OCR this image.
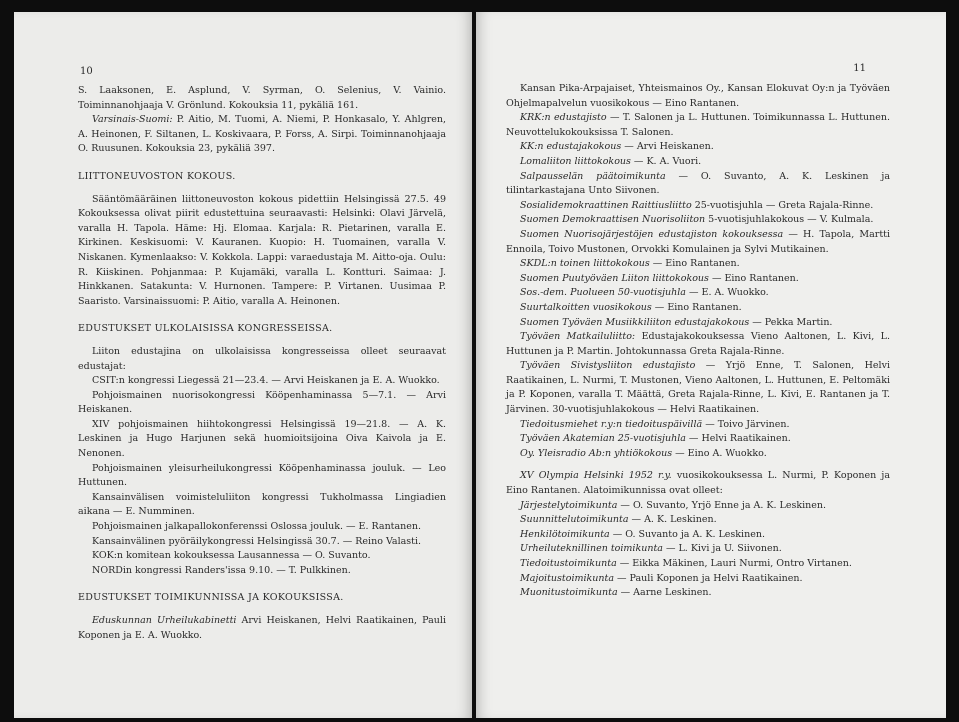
10

S. Laaksonen, E. Asplund, V. Syrman, O. Selenius, V. Vainio. Toiminnanohjaaja V. Grönlund. Kokouksia 11, pykäliä 161.

Varsinais-Suomi: P. Aitio, M. Tuomi, A. Niemi, P. Honkasalo, Y. Ahlgren, A. Heinonen, F. Siltanen, L. Koskivaara, P. Forss, A. Sirpi. Toiminnanohjaaja O. Ruusunen. Kokouksia 23, pykäliä 397.

LIITTONEUVOSTON KOKOUS.

Sääntömääräinen liittoneuvoston kokous pidettiin Helsingissä 27.5. 49 Kokouksessa olivat piirit edustettuina seuraavasti: Helsinki: Olavi Järvelä, varalla H. Tapola. Häme: Hj. Elomaa. Karjala: R. Pietarinen, varalla E. Kirkinen. Keskisuomi: V. Kauranen. Kuopio: H. Tuomainen, varalla V. Niskanen. Kymenlaakso: V. Kokkola. Lappi: varaedustaja M. Aitto-oja. Oulu: R. Kiiskinen. Pohjanmaa: P. Kujamäki, varalla L. Kontturi. Saimaa: J. Hinkkanen. Satakunta: V. Hurnonen. Tampere: P. Virtanen. Uusimaa P. Saaristo. Varsinaissuomi: P. Aitio, varalla A. Heinonen.

EDUSTUKSET ULKOLAISISSA KONGRESSEISSA.

Liiton edustajina on ulkolaisissa kongresseissa olleet seuraavat edustajat:

CSIT:n kongressi Liegessä 21—23.4. — Arvi Heiskanen ja E. A. Wuokko.

Pohjoismainen nuorisokongressi Kööpenhaminassa 5—7.1. — Arvi Heiskanen.

XIV pohjoismainen hiihtokongressi Helsingissä 19—21.8. — A. K. Leskinen ja Hugo Harjunen sekä huomioitsijoina Oiva Kaivola ja E. Nenonen.

Pohjoismainen yleisurheilukongressi Kööpenhaminassa jouluk. — Leo Huttunen.

Kansainvälisen voimisteluliiton kongressi Tukholmassa Lingiadien aikana — E. Numminen.

Pohjoismainen jalkapallokonferenssi Oslossa jouluk. — E. Rantanen.

Kansainvälinen pyöräilykongressi Helsingissä 30.7. — Reino Valasti.

KOK:n komitean kokouksessa Lausannessa — O. Suvanto.

NORDin kongressi Randers'issa 9.10. — T. Pulkkinen.

EDUSTUKSET TOIMIKUNNISSA JA KOKOUKSISSA.

Eduskunnan Urheilukabinetti Arvi Heiskanen, Helvi Raatikainen, Pauli Koponen ja E. A. Wuokko.

11

Kansan Pika-Arpajaiset, Yhteismainos Oy., Kansan Elokuvat Oy:n ja Työväen Ohjelmapalvelun vuosikokous — Eino Rantanen.

KRK:n edustajisto — T. Salonen ja L. Huttunen. Toimikunnassa L. Huttunen. Neuvottelukokouksissa T. Salonen.

KK:n edustajakokous — Arvi Heiskanen.

Lomaliiton liittokokous — K. A. Vuori.

Salpausselän päätoimikunta — O. Suvanto, A. K. Leskinen ja tilintarkastajana Unto Siivonen.

Sosialidemokraattinen Raittiusliitto 25-vuotisjuhla — Greta Rajala-Rinne.

Suomen Demokraattisen Nuorisoliiton 5-vuotisjuhlakokous — V. Kulmala.

Suomen Nuorisojärjestöjen edustajiston kokouksessa — H. Tapola, Martti Ennoila, Toivo Mustonen, Orvokki Komulainen ja Sylvi Mutikainen.

SKDL:n toinen liittokokous — Eino Rantanen.

Suomen Puutyöväen Liiton liittokokous — Eino Rantanen.

Sos.-dem. Puolueen 50-vuotisjuhla — E. A. Wuokko.

Suurtalkoitten vuosikokous — Eino Rantanen.

Suomen Työväen Musiikkiliiton edustajakokous — Pekka Martin.

Työväen Matkailuliitto: Edustajakokouksessa Vieno Aaltonen, L. Kivi, L. Huttunen ja P. Martin. Johtokunnassa Greta Rajala-Rinne.

Työväen Sivistysliiton edustajisto — Yrjö Enne, T. Salonen, Helvi Raatikainen, L. Nurmi, T. Mustonen, Vieno Aaltonen, L. Huttunen, E. Peltomäki ja P. Koponen, varalla T. Määttä, Greta Rajala-Rinne, L. Kivi, E. Rantanen ja T. Järvinen. 30-vuotisjuhlakokous — Helvi Raatikainen.

Tiedoitusmiehet r.y:n tiedoituspäivillä — Toivo Järvinen.

Työväen Akatemian 25-vuotisjuhla — Helvi Raatikainen.

Oy. Yleisradio Ab:n yhtiökokous — Eino A. Wuokko.

XV Olympia Helsinki 1952 r.y. vuosikokouksessa L. Nurmi, P. Koponen ja Eino Rantanen. Alatoimikunnissa ovat olleet:

Järjestelytoimikunta — O. Suvanto, Yrjö Enne ja A. K. Leskinen.

Suunnittelutoimikunta — A. K. Leskinen.

Henkilötoimikunta — O. Suvanto ja A. K. Leskinen.

Urheiluteknillinen toimikunta — L. Kivi ja U. Siivonen.

Tiedoitustoimikunta — Eikka Mäkinen, Lauri Nurmi, Ontro Virtanen.

Majoitustoimikunta — Pauli Koponen ja Helvi Raatikainen.

Muonitustoimikunta — Aarne Leskinen.
